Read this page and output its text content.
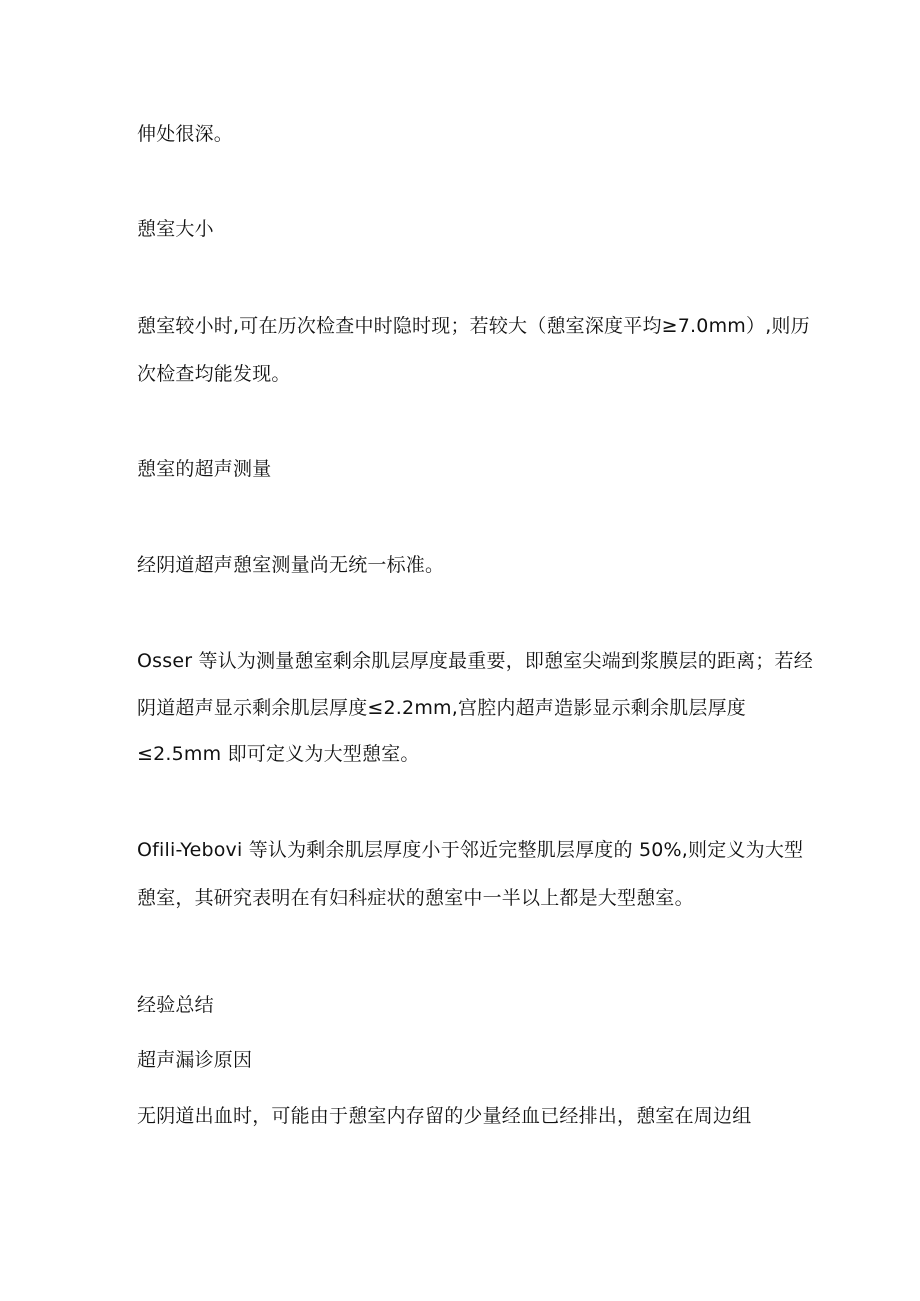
伸处很深。
憩室大小
憩室较小时,可在历次检查中时隐时现；若较大（憩室深度平均≥7.0mm）,则历
次检查均能发现。
憩室的超声测量
经阴道超声憩室测量尚无统一标准。
Osser 等认为测量憩室剩余肌层厚度最重要，即憩室尖端到浆膜层的距离；若经
阴道超声显示剩余肌层厚度≤2.2mm,宫腔内超声造影显示剩余肌层厚度
≤2.5mm 即可定义为大型憩室。
Ofili-Yebovi 等认为剩余肌层厚度小于邻近完整肌层厚度的 50%,则定义为大型
憩室，其研究表明在有妇科症状的憩室中一半以上都是大型憩室。
经验总结
超声漏诊原因
无阴道出血时，可能由于憩室内存留的少量经血已经排出，憩室在周边组
